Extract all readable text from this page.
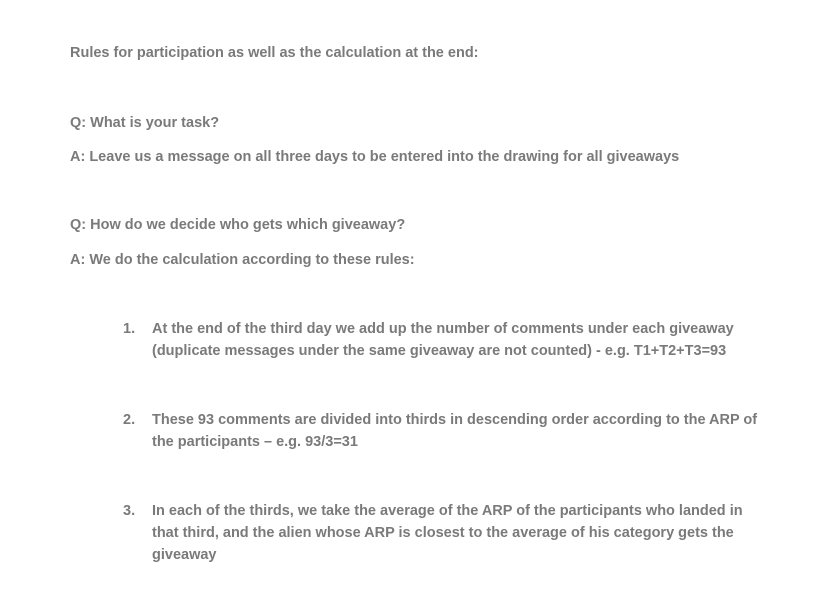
Rules for participation as well as the calculation at the end:
Q: What is your task?
A: Leave us a message on all three days to be entered into the drawing for all giveaways
Q: How do we decide who gets which giveaway?
A: We do the calculation according to these rules:
1.	At the end of the third day we add up the number of comments under each giveaway (duplicate messages under the same giveaway are not counted) - e.g. T1+T2+T3=93
2.	These 93 comments are divided into thirds in descending order according to the ARP of the participants – e.g. 93/3=31
3.	In each of the thirds, we take the average of the ARP of the participants who landed in that third, and the alien whose ARP is closest to the average of his category gets the giveaway
